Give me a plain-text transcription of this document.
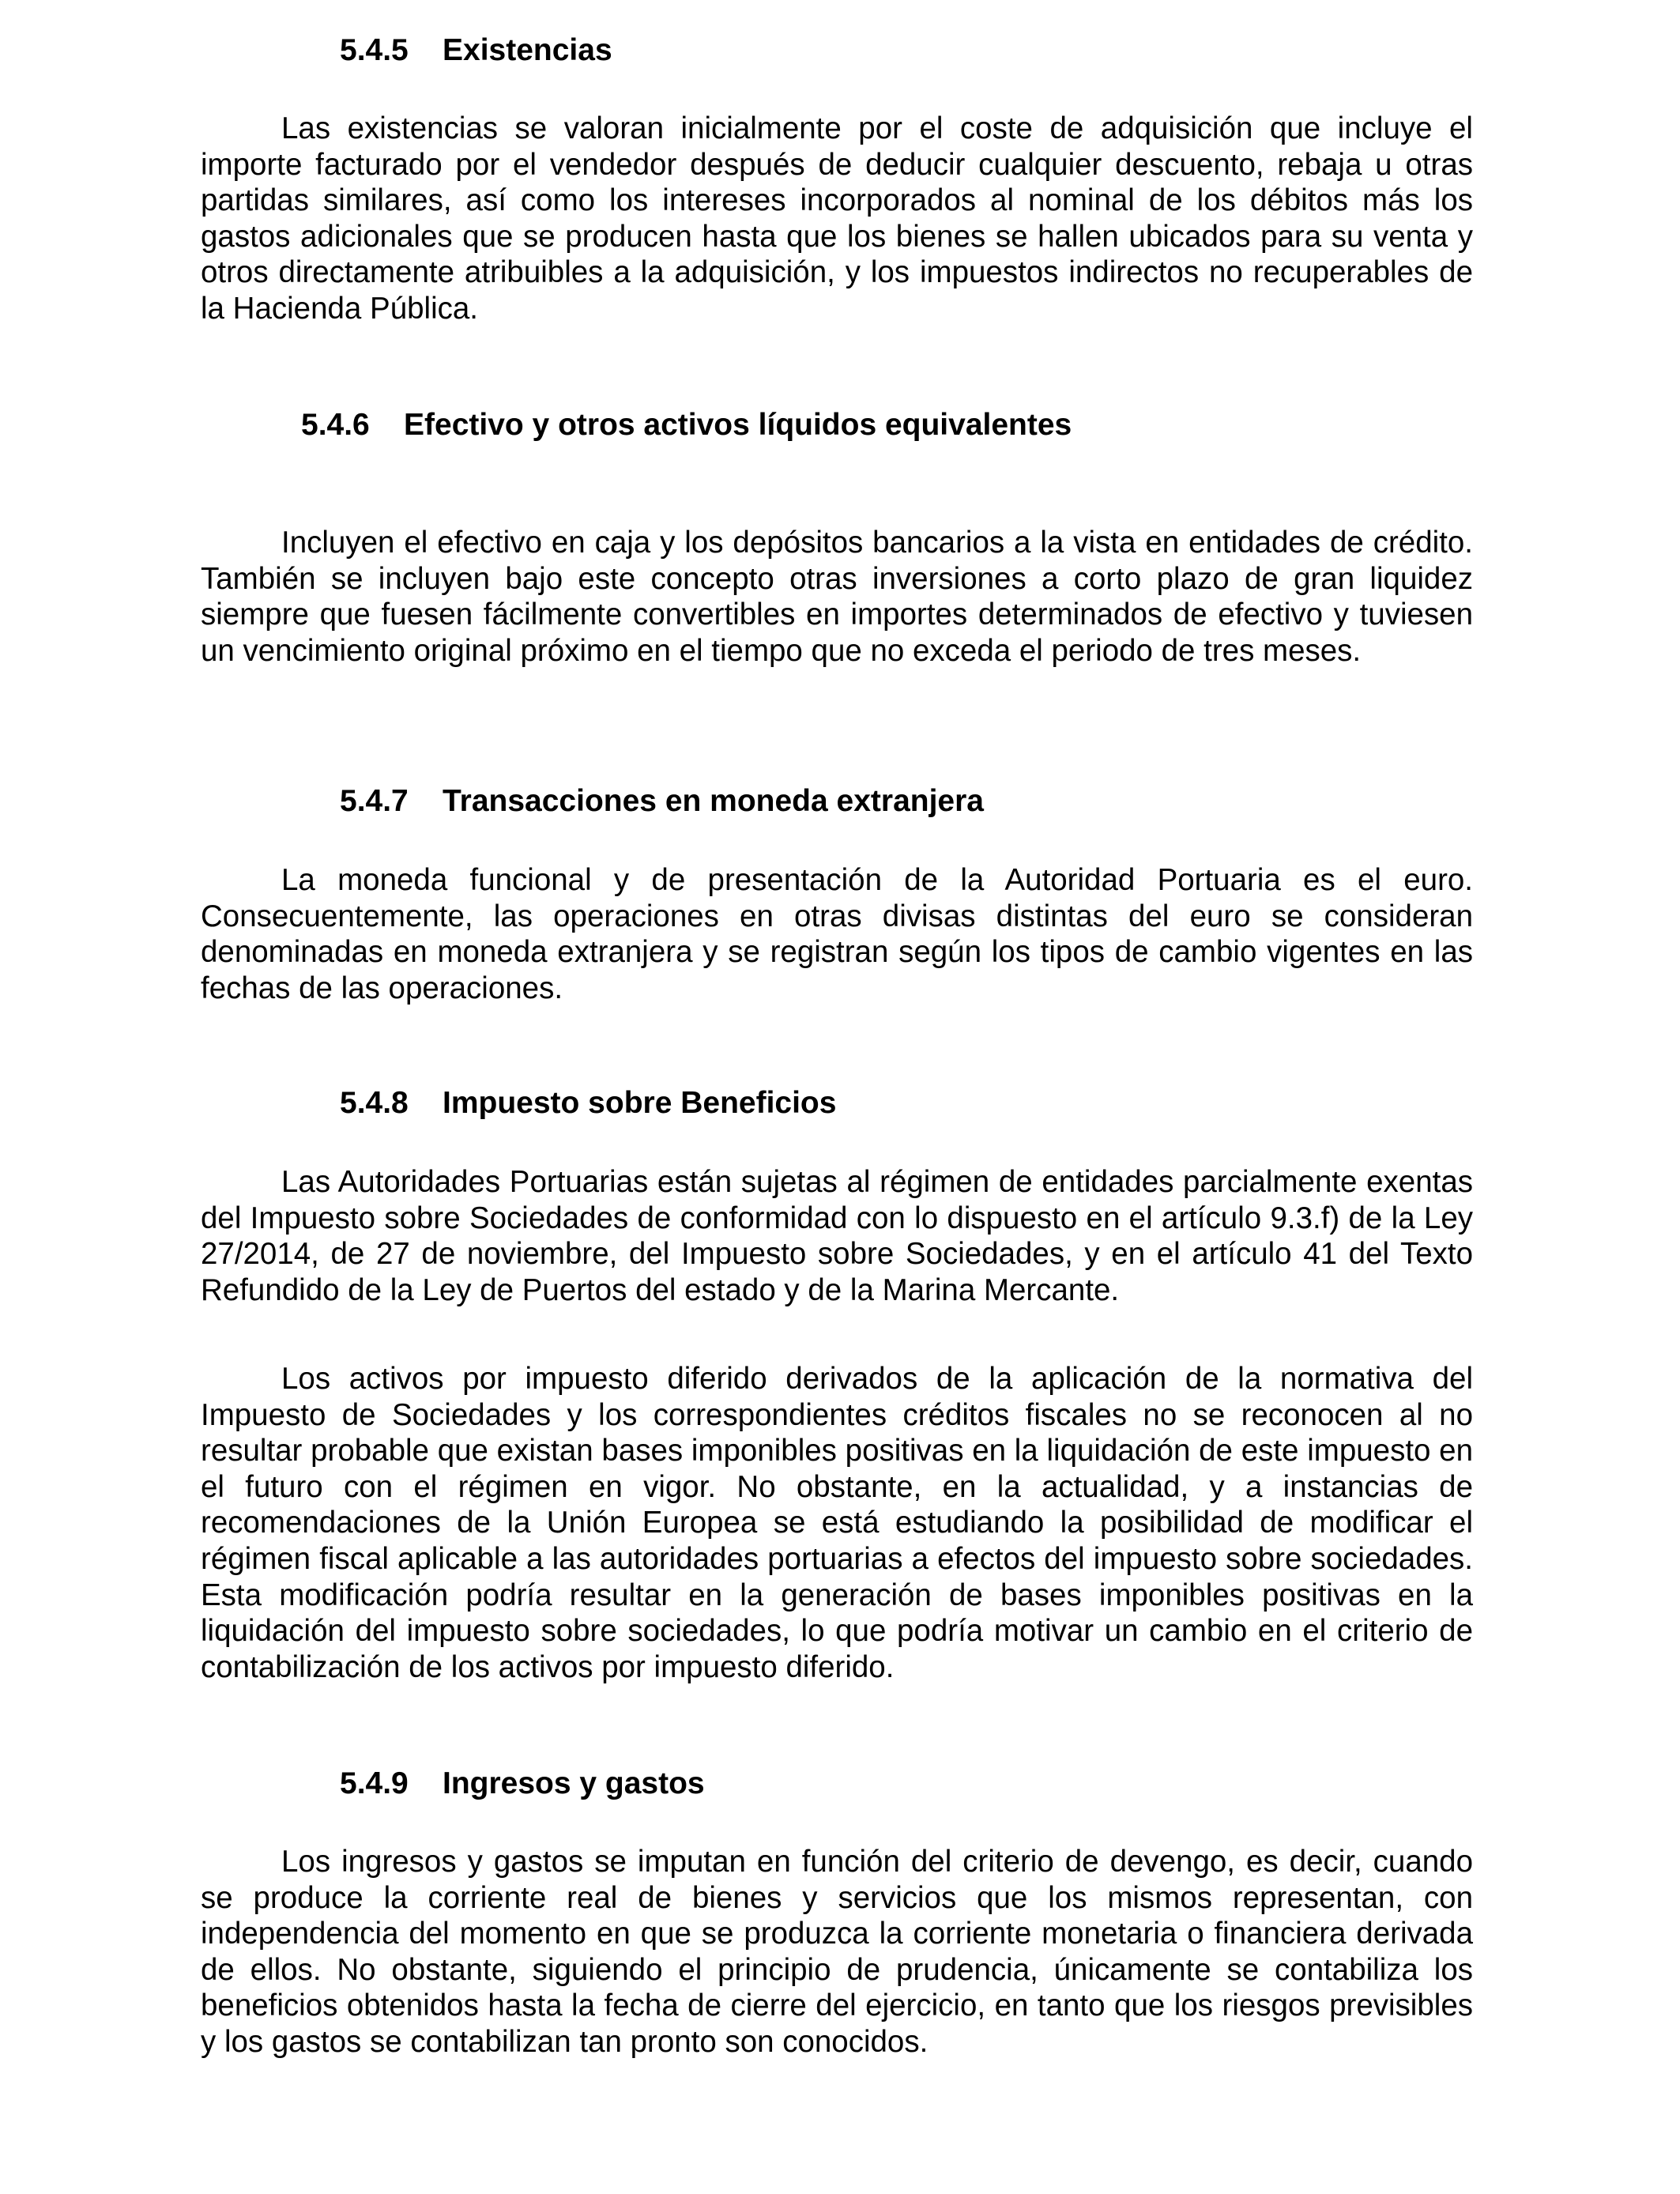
5.4.5 Existencias

Las existencias se valoran inicialmente por el coste de adquisición que incluye el importe facturado por el vendedor después de deducir cualquier descuento, rebaja u otras partidas similares, así como los intereses incorporados al nominal de los débitos más los gastos adicionales que se producen hasta que los bienes se hallen ubicados para su venta y otros directamente atribuibles a la adquisición, y los impuestos indirectos no recuperables de la Hacienda Pública.

5.4.6 Efectivo y otros activos líquidos equivalentes

Incluyen el efectivo en caja y los depósitos bancarios a la vista en entidades de crédito. También se incluyen bajo este concepto otras inversiones a corto plazo de gran liquidez siempre que fuesen fácilmente convertibles en importes determinados de efectivo y tuviesen un vencimiento original próximo en el tiempo que no exceda el periodo de tres meses.

5.4.7 Transacciones en moneda extranjera

La moneda funcional y de presentación de la Autoridad Portuaria es el euro. Consecuentemente, las operaciones en otras divisas distintas del euro se consideran denominadas en moneda extranjera y se registran según los tipos de cambio vigentes en las fechas de las operaciones.

5.4.8 Impuesto sobre Beneficios

Las Autoridades Portuarias están sujetas al régimen de entidades parcialmente exentas del Impuesto sobre Sociedades de conformidad con lo dispuesto en el artículo 9.3.f) de la Ley 27/2014, de 27 de noviembre, del Impuesto sobre Sociedades, y en el artículo 41 del Texto Refundido de la Ley de Puertos del estado y de la Marina Mercante.

Los activos por impuesto diferido derivados de la aplicación de la normativa del Impuesto de Sociedades y los correspondientes créditos fiscales no se reconocen al no resultar probable que existan bases imponibles positivas en la liquidación de este impuesto en el futuro con el régimen en vigor. No obstante, en la actualidad, y a instancias de recomendaciones de la Unión Europea se está estudiando la posibilidad de modificar el régimen fiscal aplicable a las autoridades portuarias a efectos del impuesto sobre sociedades. Esta modificación podría resultar en la generación de bases imponibles positivas en la liquidación del impuesto sobre sociedades, lo que podría motivar un cambio en el criterio de contabilización de los activos por impuesto diferido.

5.4.9 Ingresos y gastos

Los ingresos y gastos se imputan en función del criterio de devengo, es decir, cuando se produce la corriente real de bienes y servicios que los mismos representan, con independencia del momento en que se produzca la corriente monetaria o financiera derivada de ellos. No obstante, siguiendo el principio de prudencia, únicamente se contabiliza los beneficios obtenidos hasta la fecha de cierre del ejercicio, en tanto que los riesgos previsibles y los gastos se contabilizan tan pronto son conocidos.
